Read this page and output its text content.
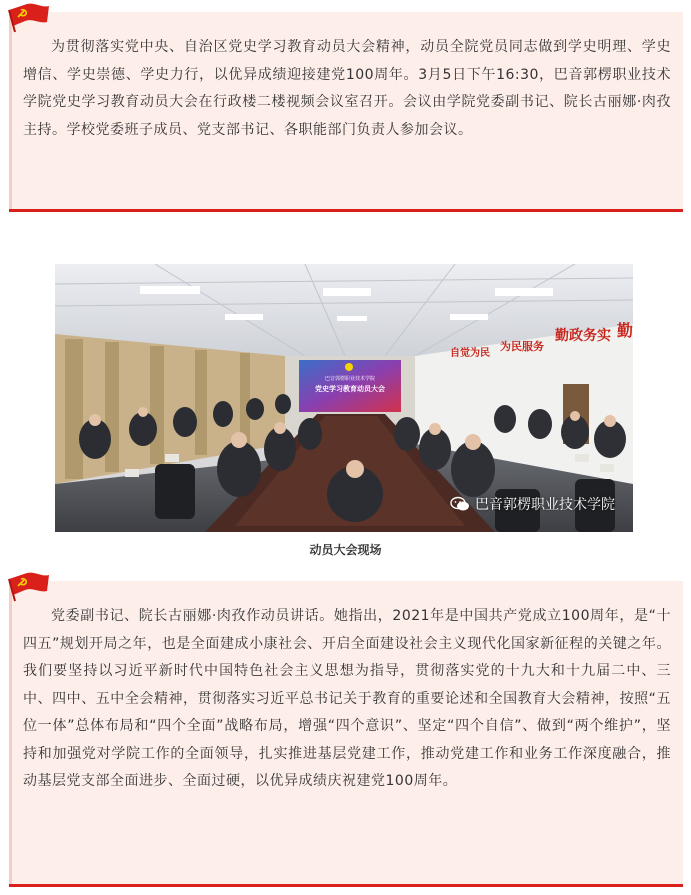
为贯彻落实党中央、自治区党史学习教育动员大会精神，动员全院党员同志做到学史明理、学史增信、学史崇德、学史力行，以优异成绩迎接建党100周年。3月5日下午16:30，巴音郭楞职业技术学院党史学习教育动员大会在行政楼二楼视频会议室召开。会议由学院党委副书记、院长古丽娜·肉孜主持。学校党委班子成员、党支部书记、各职能部门负责人参加会议。

巴音郭楞职业技术学院
党史学习教育动员大会
自觉为民
为民服务
勤政务实 勤
巴音郭楞职业技术学院
动员大会现场

党委副书记、院长古丽娜·肉孜作动员讲话。她指出，2021年是中国共产党成立100周年，是“十四五”规划开局之年，也是全面建成小康社会、开启全面建设社会主义现代化国家新征程的关键之年。我们要坚持以习近平新时代中国特色社会主义思想为指导，贯彻落实党的十九大和十九届二中、三中、四中、五中全会精神，贯彻落实习近平总书记关于教育的重要论述和全国教育大会精神，按照“五位一体”总体布局和“四个全面”战略布局，增强“四个意识”、坚定“四个自信”、做到“两个维护”，坚持和加强党对学院工作的全面领导，扎实推进基层党建工作，推动党建工作和业务工作深度融合，推动基层党支部全面进步、全面过硬，以优异成绩庆祝建党100周年。
